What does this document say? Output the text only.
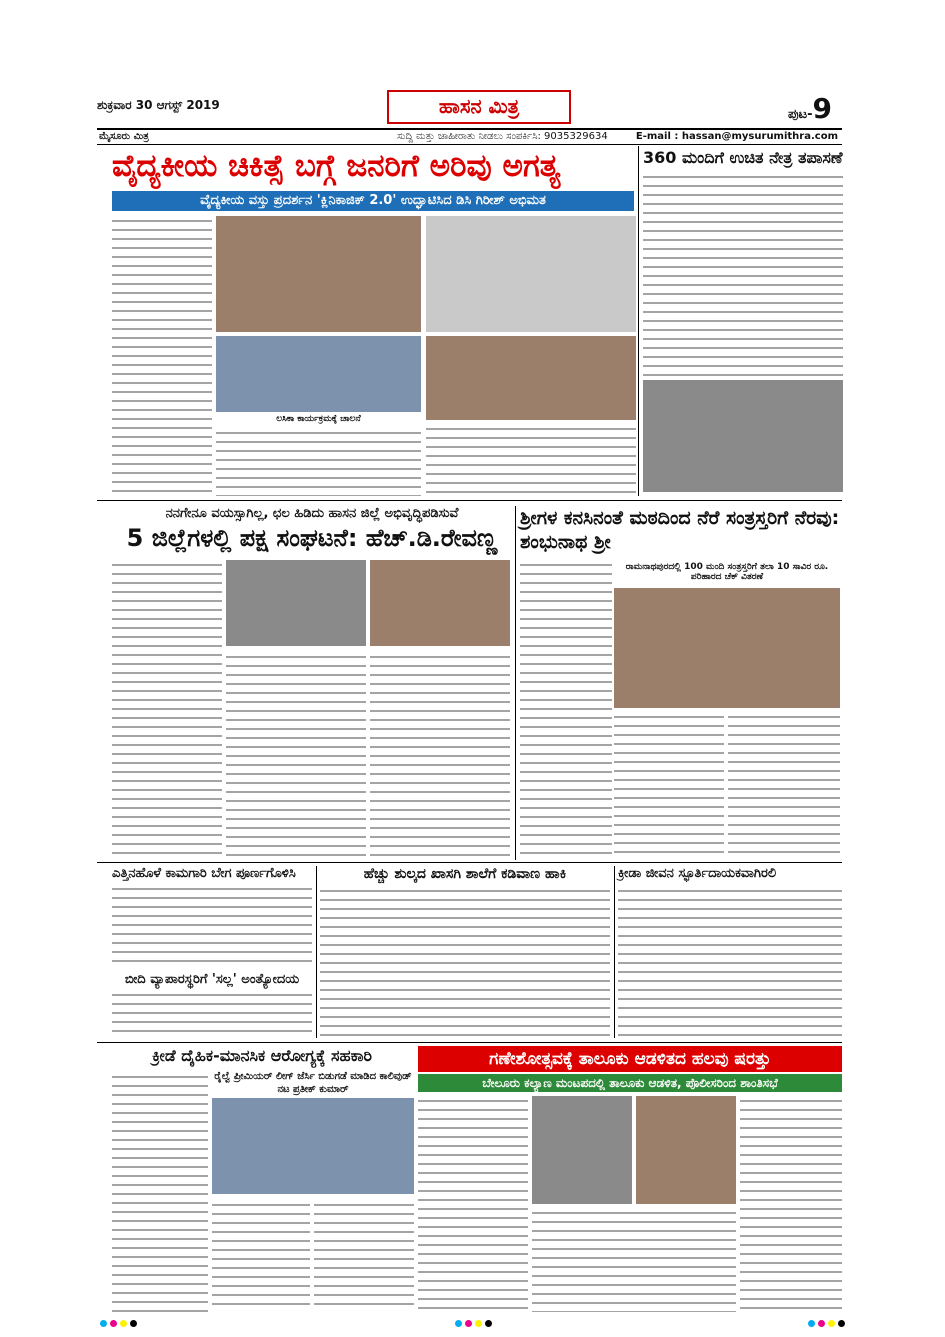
ಶುಕ್ರವಾರ 30 ಆಗಸ್ಟ್ 2019	ಹಾಸನ ಮಿತ್ರ	ಪುಟ-9
ಮೈಸೂರು ಮಿತ್ರ	ಸುದ್ದಿ ಮತ್ತು ಜಾಹೀರಾತು ನೀಡಲು ಸಂಪರ್ಕಿಸಿ: 9035329634	E-mail : hassan@mysurumithra.com
ವೈದ್ಯಕೀಯ ಚಿಕಿತ್ಸೆ ಬಗ್ಗೆ ಜನರಿಗೆ ಅರಿವು ಅಗತ್ಯ
ವೈದ್ಯಕೀಯ ವಸ್ತು ಪ್ರದರ್ಶನ 'ಕ್ಲಿನಿಕಾಜಿಕ್ 2.0' ಉದ್ಘಾಟಿಸಿದ ಡಿಸಿ ಗಿರೀಶ್ ಅಭಿಮತ
ಲಸಿಕಾ ಕಾರ್ಯಕ್ರಮಕ್ಕೆ ಚಾಲನೆ
360 ಮಂದಿಗೆ ಉಚಿತ ನೇತ್ರ ತಪಾಸಣೆ
ನನಗೇನೂ ವಯಸ್ಸಾಗಿಲ್ಲ, ಛಲ ಹಿಡಿದು ಹಾಸನ ಜಿಲ್ಲೆ ಅಭಿವೃದ್ಧಿಪಡಿಸುವೆ
5 ಜಿಲ್ಲೆಗಳಲ್ಲಿ ಪಕ್ಷ ಸಂಘಟನೆ: ಹೆಚ್.ಡಿ.ರೇವಣ್ಣ
ಶ್ರೀಗಳ ಕನಸಿನಂತೆ ಮಠದಿಂದ ನೆರೆ ಸಂತ್ರಸ್ತರಿಗೆ ನೆರವು: ಶಂಭುನಾಥ ಶ್ರೀ
ರಾಮನಾಥಪುರದಲ್ಲಿ 100 ಮಂದಿ ಸಂತ್ರಸ್ತರಿಗೆ ತಲಾ 10 ಸಾವಿರ ರೂ. ಪರಿಹಾರದ ಚೆಕ್ ವಿತರಣೆ
ಎತ್ತಿನಹೊಳೆ ಕಾಮಗಾರಿ ಬೇಗ ಪೂರ್ಣಗೊಳಿಸಿ
ಬೀದಿ ವ್ಯಾಪಾರಸ್ಥರಿಗೆ 'ಸಲ್ಲ' ಅಂತ್ಯೋದಯ
ಹೆಚ್ಚು ಶುಲ್ಕದ ಖಾಸಗಿ ಶಾಲೆಗೆ ಕಡಿವಾಣ ಹಾಕಿ	ಕ್ರೀಡಾ ಜೀವನ ಸ್ಫೂರ್ತಿದಾಯಕವಾಗಿರಲಿ
ಕ್ರೀಡೆ ದೈಹಿಕ-ಮಾನಸಿಕ ಆರೋಗ್ಯಕ್ಕೆ ಸಹಕಾರಿ
ರೈಲ್ವೆ ಪ್ರೀಮಿಯರ್ ಲೀಗ್ ಜೆರ್ಸಿ ಬಿಡುಗಡೆ ಮಾಡಿದ ಕಾಲಿವುಡ್ ನಟ ಪ್ರತೀಕ್ ಕುಮಾರ್
ಗಣೇಶೋತ್ಸವಕ್ಕೆ ತಾಲೂಕು ಆಡಳಿತದ ಹಲವು ಷರತ್ತು
ಬೇಲೂರು ಕಲ್ಯಾಣ ಮಂಟಪದಲ್ಲಿ ತಾಲೂಕು ಆಡಳಿತ, ಪೊಲೀಸರಿಂದ ಶಾಂತಿಸಭೆ
